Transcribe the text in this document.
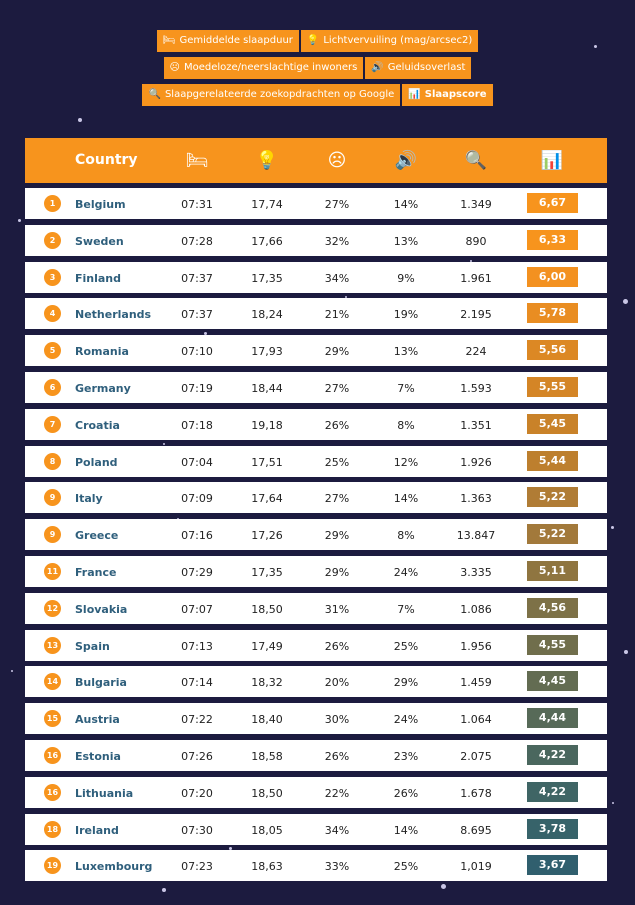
🛏 Gemiddelde slaapduur 💡 Lichtvervuiling (mag/arcsec2)
☹ Moedeloze/neerslachtige inwoners 🔊 Geluidsoverlast
🔍 Slaapgerelateerde zoekopdrachten op Google 📊 Slaapscore
Country	🛏	💡	☹	🔊	🔍	📊
1	Belgium	07:31	17,74	27%	14%	1.349	6,67
2	Sweden	07:28	17,66	32%	13%	890	6,33
3	Finland	07:37	17,35	34%	9%	1.961	6,00
4	Netherlands	07:37	18,24	21%	19%	2.195	5,78
5	Romania	07:10	17,93	29%	13%	224	5,56
6	Germany	07:19	18,44	27%	7%	1.593	5,55
7	Croatia	07:18	19,18	26%	8%	1.351	5,45
8	Poland	07:04	17,51	25%	12%	1.926	5,44
9	Italy	07:09	17,64	27%	14%	1.363	5,22
9	Greece	07:16	17,26	29%	8%	13.847	5,22
11 France	07:29	17,35	29%	24%	3.335	5,11
12 Slovakia	07:07	18,50	31%	7%	1.086	4,56
13 Spain	07:13	17,49	26%	25%	1.956	4,55
14 Bulgaria	07:14	18,32	20%	29%	1.459	4,45
15 Austria	07:22	18,40	30%	24%	1.064	4,44
16 Estonia	07:26	18,58	26%	23%	2.075	4,22
16 Lithuania	07:20	18,50	22%	26%	1.678	4,22
18 Ireland	07:30	18,05	34%	14%	8.695	3,78
19 Luxembourg	07:23	18,63	33%	25%	1,019	3,67
